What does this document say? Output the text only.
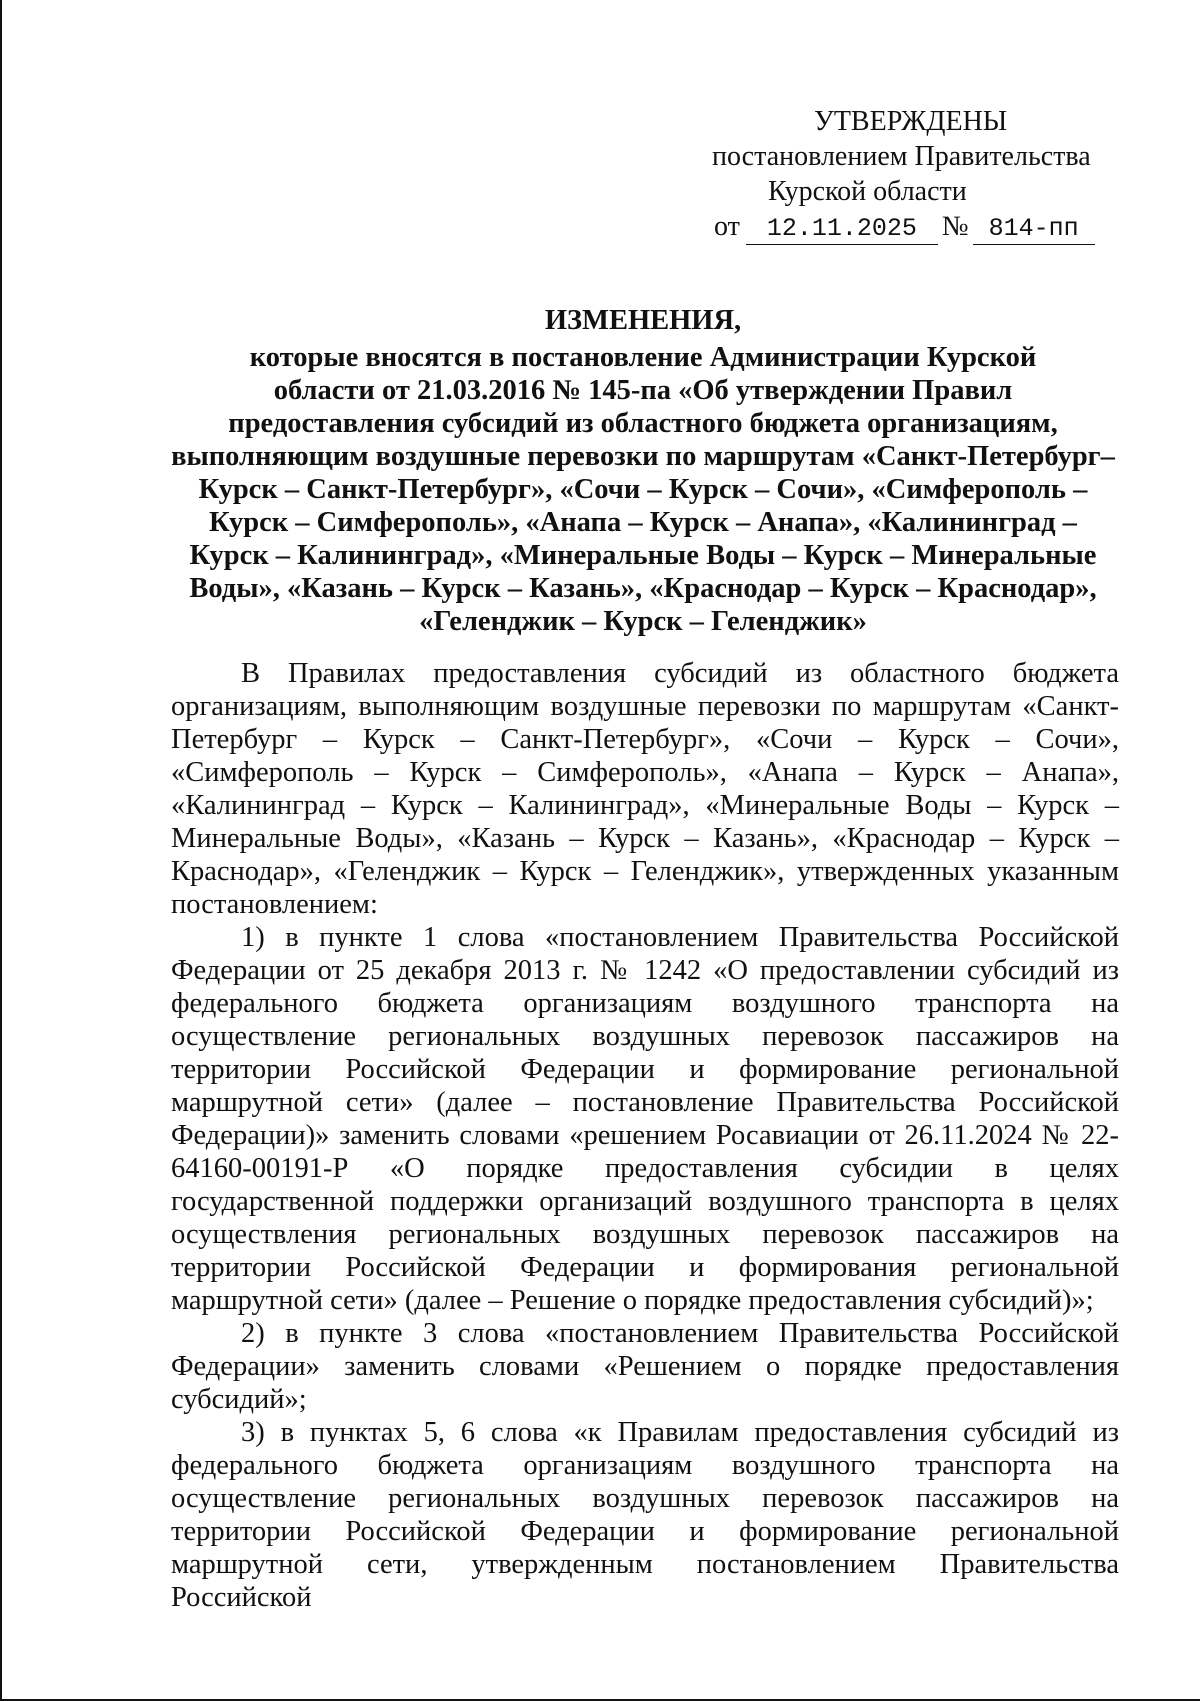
УТВЕРЖДЕНЫ
постановлением Правительства
Курской области
от 12.11.2025 № 814-пп
ИЗМЕНЕНИЯ,
которые вносятся в постановление Администрации Курской
области от 21.03.2016 № 145-па «Об утверждении Правил
предоставления субсидий из областного бюджета организациям,
выполняющим воздушные перевозки по маршрутам «Санкт-Петербург–
Курск – Санкт-Петербург», «Сочи – Курск – Сочи», «Симферополь –
Курск – Симферополь», «Анапа – Курск – Анапа», «Калининград –
Курск – Калининград», «Минеральные Воды – Курск – Минеральные
Воды», «Казань – Курск – Казань», «Краснодар – Курск – Краснодар»,
«Геленджик – Курск – Геленджик»

В Правилах предоставления субсидий из областного бюджета организациям, выполняющим воздушные перевозки по маршрутам «Санкт-Петербург – Курск – Санкт-Петербург», «Сочи – Курск – Сочи», «Симферополь – Курск – Симферополь», «Анапа – Курск – Анапа», «Калининград – Курск – Калининград», «Минеральные Воды – Курск – Минеральные Воды», «Казань – Курск – Казань», «Краснодар – Курск – Краснодар», «Геленджик – Курск – Геленджик», утвержденных указанным постановлением:

1) в пункте 1 слова «постановлением Правительства Российской Федерации от 25 декабря 2013 г. № 1242 «О предоставлении субсидий из федерального бюджета организациям воздушного транспорта на осуществление региональных воздушных перевозок пассажиров на территории Российской Федерации и формирование региональной маршрутной сети» (далее – постановление Правительства Российской Федерации)» заменить словами «решением Росавиации от 26.11.2024 № 22-64160-00191-Р «О порядке предоставления субсидии в целях государственной поддержки организаций воздушного транспорта в целях осуществления региональных воздушных перевозок пассажиров на территории Российской Федерации и формирования региональной маршрутной сети» (далее – Решение о порядке предоставления субсидий)»;

2) в пункте 3 слова «постановлением Правительства Российской Федерации» заменить словами «Решением о порядке предоставления субсидий»;

3) в пунктах 5, 6 слова «к Правилам предоставления субсидий из федерального бюджета организациям воздушного транспорта на осуществление региональных воздушных перевозок пассажиров на территории Российской Федерации и формирование региональной маршрутной сети, утвержденным постановлением Правительства Российской
